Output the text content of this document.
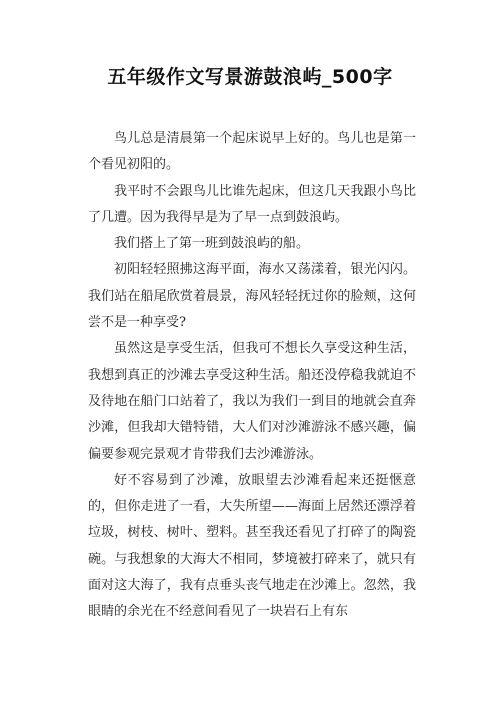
五年级作文写景游鼓浪屿_500字

鸟儿总是清晨第一个起床说早上好的。鸟儿也是第一个看见初阳的。

我平时不会跟鸟儿比谁先起床，但这几天我跟小鸟比了几遭。因为我得早是为了早一点到鼓浪屿。

我们搭上了第一班到鼓浪屿的船。

初阳轻轻照拂这海平面，海水又荡漾着，银光闪闪。我们站在船尾欣赏着晨景，海风轻轻抚过你的脸颊，这何尝不是一种享受?

虽然这是享受生活，但我可不想长久享受这种生活，我想到真正的沙滩去享受这种生活。船还没停稳我就迫不及待地在船门口站着了，我以为我们一到目的地就会直奔沙滩，但我却大错特错，大人们对沙滩游泳不感兴趣，偏偏要参观完景观才肯带我们去沙滩游泳。

好不容易到了沙滩，放眼望去沙滩看起来还挺惬意的，但你走进了一看，大失所望——海面上居然还漂浮着垃圾，树枝、树叶、塑料。甚至我还看见了打碎了的陶瓷碗。与我想象的大海大不相同，梦境被打碎来了，就只有面对这大海了，我有点垂头丧气地走在沙滩上。忽然，我眼睛的余光在不经意间看见了一块岩石上有东
